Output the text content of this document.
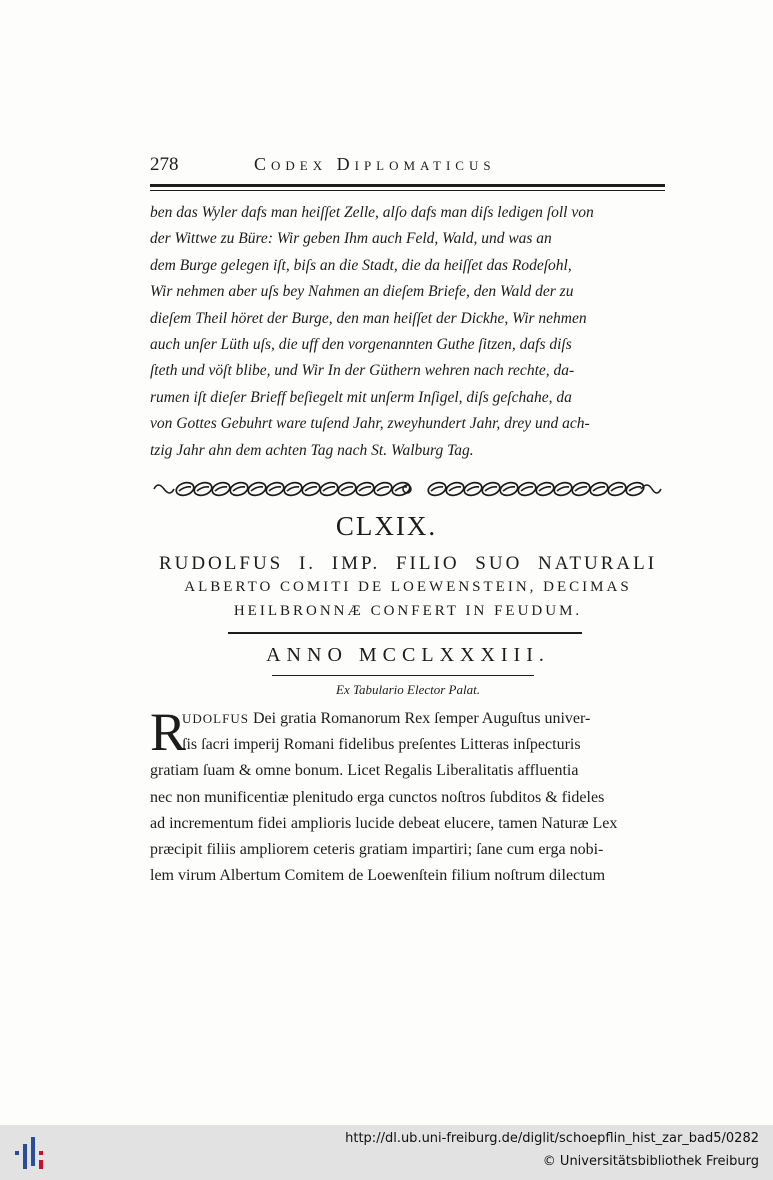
278	Codex Diplomaticus
ben das Wyler dafs man heiſſet Zelle, alſo dafs man diſs ledigen ſoll von
der Wittwe zu Büre: Wir geben Ihm auch Feld, Wald, und was an
dem Burge gelegen iſt, biſs an die Stadt, die da heiſſet das Rodeſohl,
Wir nehmen aber uſs bey Nahmen an dieſem Briefe, den Wald der zu
dieſem Theil höret der Burge, den man heiſſet der Dickhe, Wir nehmen
auch unſer Lüth uſs, die uff den vorgenannten Guthe ſitzen, dafs diſs
ſteth und vöſt blibe, und Wir In der Güthern wehren nach rechte, da-
rumen iſt dieſer Brieff beſiegelt mit unſerm Inſigel, diſs geſchahe, da
von Gottes Gebuhrt ware tuſend Jahr, zweyhundert Jahr, drey und ach-
tzig Jahr ahn dem achten Tag nach St. Walburg Tag.
CLXIX.
RUDOLFUS I. IMP. FILIO SUO NATURALI
ALBERTO COMITI DE LOEWENSTEIN, DECIMAS
HEILBRONNÆ CONFERT IN FEUDUM.
ANNO MCCLXXXIII.
Ex Tabulario Elector Palat.
R
UDOLFUS Dei gratia Romanorum Rex ſemper Auguſtus univer-
ſis ſacri imperij Romani fidelibus preſentes Litteras inſpecturis
gratiam ſuam & omne bonum. Licet Regalis Liberalitatis affluentia
nec non munificentiæ plenitudo erga cunctos noſtros ſubditos & fideles
ad incrementum fidei amplioris lucide debeat elucere, tamen Naturæ Lex
præcipit filiis ampliorem ceteris gratiam impartiri; ſane cum erga nobi-
lem virum Albertum Comitem de Loewenſtein filium noſtrum dilectum
http://dl.ub.uni-freiburg.de/diglit/schoepflin_hist_zar_bad5/0282
© Universitätsbibliothek Freiburg
